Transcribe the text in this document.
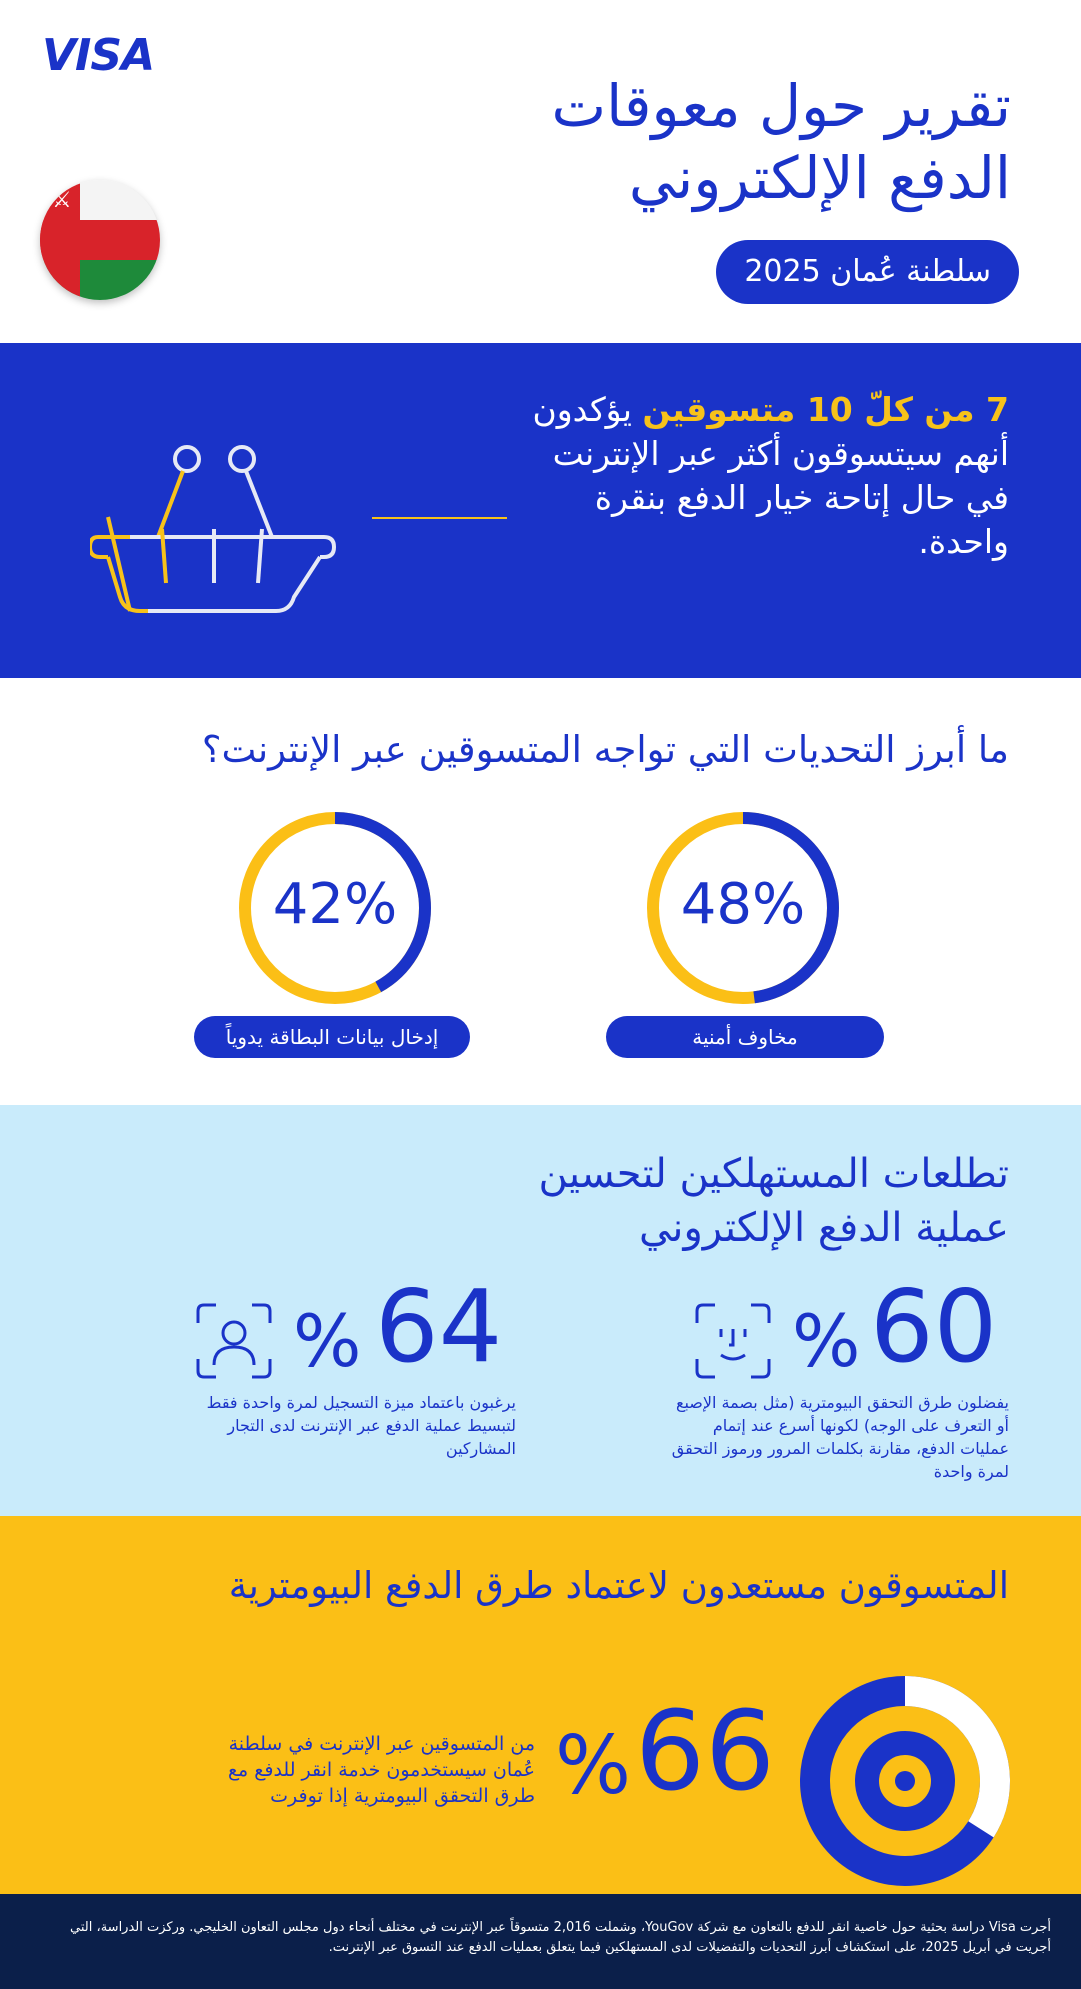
VISA
⚔
تقرير حول معوقات
الدفع الإلكتروني
سلطنة عُمان 2025
7 من كلّ 10 متسوقين يؤكدون أنهم سيتسوقون أكثر عبر الإنترنت في حال إتاحة خيار الدفع بنقرة واحدة.
ما أبرز التحديات التي تواجه المتسوقين عبر الإنترنت؟
48%
مخاوف أمنية
42%
إدخال بيانات البطاقة يدوياً
تطلعات المستهلكين لتحسين
عملية الدفع الإلكتروني
60
%
يفضلون طرق التحقق البيومترية (مثل بصمة الإصبع أو التعرف على الوجه) لكونها أسرع عند إتمام عمليات الدفع، مقارنة بكلمات المرور ورموز التحقق لمرة واحدة
64
%
يرغبون باعتماد ميزة التسجيل لمرة واحدة فقط لتبسيط عملية الدفع عبر الإنترنت لدى التجار المشاركين
المتسوقون مستعدون لاعتماد طرق الدفع البيومترية
66
%
من المتسوقين عبر الإنترنت في سلطنة عُمان سيستخدمون خدمة انقر للدفع مع طرق التحقق البيومترية إذا توفرت
أجرت Visa دراسة بحثية حول خاصية انقر للدفع بالتعاون مع شركة YouGov، وشملت 2,016 متسوقاً عبر الإنترنت في مختلف أنحاء دول مجلس التعاون الخليجي. وركزت الدراسة، التي أجريت في أبريل 2025، على استكشاف أبرز التحديات والتفضيلات لدى المستهلكين فيما يتعلق بعمليات الدفع عند التسوق عبر الإنترنت.
